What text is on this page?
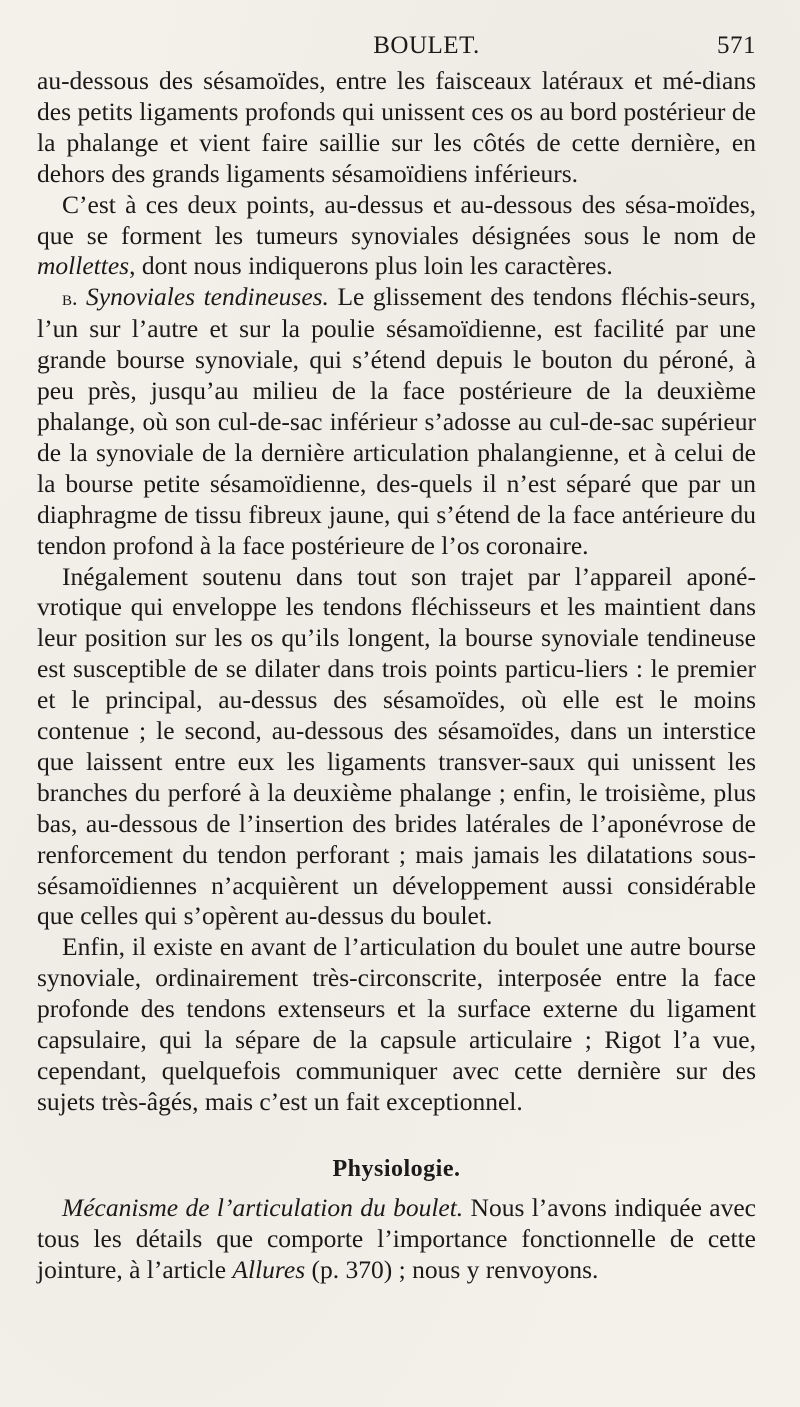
BOULET.	571

au-dessous des sésamoïdes, entre les faisceaux latéraux et mé-dians des petits ligaments profonds qui unissent ces os au bord postérieur de la phalange et vient faire saillie sur les côtés de cette dernière, en dehors des grands ligaments sésamoïdiens inférieurs.

C’est à ces deux points, au-dessus et au-dessous des sésa-moïdes, que se forment les tumeurs synoviales désignées sous le nom de mollettes, dont nous indiquerons plus loin les caractères.

b. Synoviales tendineuses. Le glissement des tendons fléchis-seurs, l’un sur l’autre et sur la poulie sésamoïdienne, est facilité par une grande bourse synoviale, qui s’étend depuis le bouton du péroné, à peu près, jusqu’au milieu de la face postérieure de la deuxième phalange, où son cul-de-sac inférieur s’adosse au cul-de-sac supérieur de la synoviale de la dernière articulation phalangienne, et à celui de la bourse petite sésamoïdienne, des-quels il n’est séparé que par un diaphragme de tissu fibreux jaune, qui s’étend de la face antérieure du tendon profond à la face postérieure de l’os coronaire.

Inégalement soutenu dans tout son trajet par l’appareil aponé-vrotique qui enveloppe les tendons fléchisseurs et les maintient dans leur position sur les os qu’ils longent, la bourse synoviale tendineuse est susceptible de se dilater dans trois points particu-liers : le premier et le principal, au-dessus des sésamoïdes, où elle est le moins contenue ; le second, au-dessous des sésamoïdes, dans un interstice que laissent entre eux les ligaments transver-saux qui unissent les branches du perforé à la deuxième phalange ; enfin, le troisième, plus bas, au-dessous de l’insertion des brides latérales de l’aponévrose de renforcement du tendon perforant ; mais jamais les dilatations sous-sésamoïdiennes n’acquièrent un développement aussi considérable que celles qui s’opèrent au-dessus du boulet.

Enfin, il existe en avant de l’articulation du boulet une autre bourse synoviale, ordinairement très-circonscrite, interposée entre la face profonde des tendons extenseurs et la surface externe du ligament capsulaire, qui la sépare de la capsule articulaire ; Rigot l’a vue, cependant, quelquefois communiquer avec cette dernière sur des sujets très-âgés, mais c’est un fait exceptionnel.

Physiologie.

Mécanisme de l’articulation du boulet. Nous l’avons indiquée avec tous les détails que comporte l’importance fonctionnelle de cette jointure, à l’article Allures (p. 370) ; nous y renvoyons.
